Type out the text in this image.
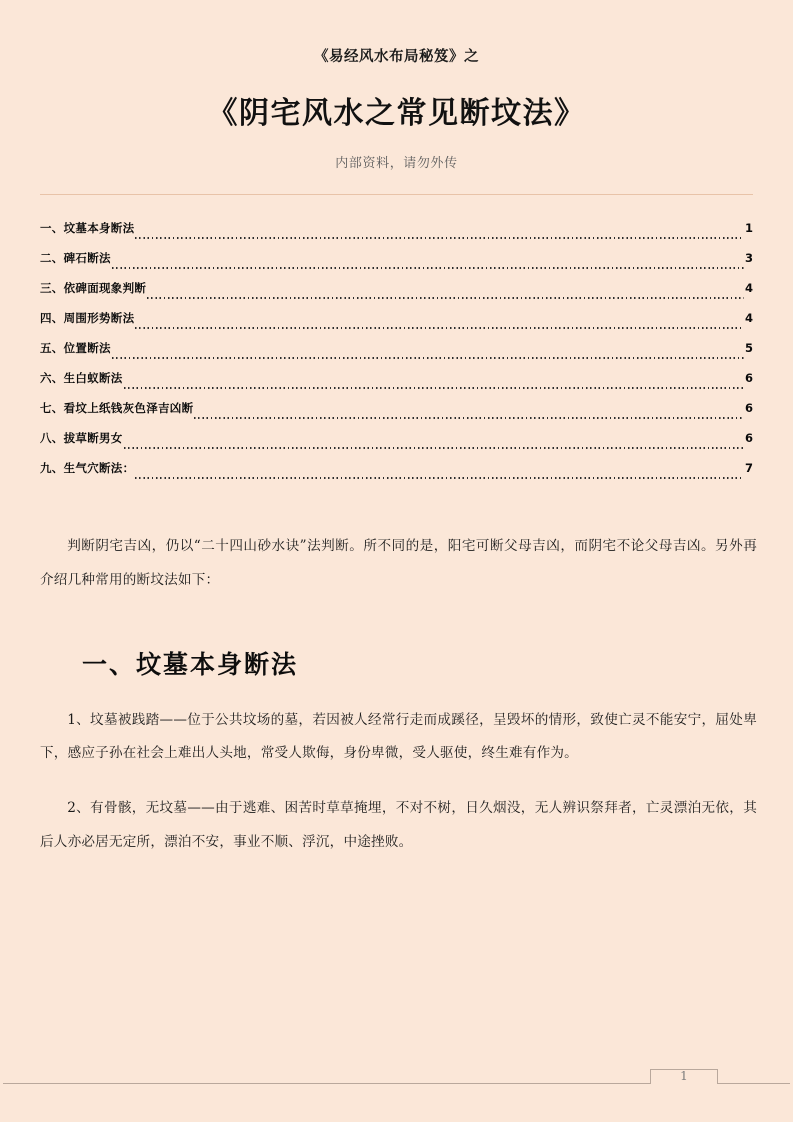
《易经风水布局秘笈》之
《阴宅风水之常见断坟法》
内部资料，请勿外传
一、坟墓本身断法	1
二、碑石断法	3
三、依碑面现象判断	4
四、周围形势断法	4
五、位置断法	5
六、生白蚁断法	6
七、看坟上纸钱灰色泽吉凶断	6
八、拔草断男女	6
九、生气穴断法：	7

判断阴宅吉凶，仍以“二十四山砂水诀”法判断。所不同的是，阳宅可断父母吉凶，而阴宅不论父母吉凶。另外再介绍几种常用的断坟法如下：

一、坟墓本身断法

1、坟墓被践踏——位于公共坟场的墓，若因被人经常行走而成蹊径，呈毁坏的情形，致使亡灵不能安宁，屈处卑下，感应子孙在社会上难出人头地，常受人欺侮，身份卑微，受人驱使，终生难有作为。

2、有骨骸，无坟墓——由于逃难、困苦时草草掩埋，不对不树，日久烟没，无人辨识祭拜者，亡灵漂泊无依，其后人亦必居无定所，漂泊不安，事业不顺、浮沉，中途挫败。

1
